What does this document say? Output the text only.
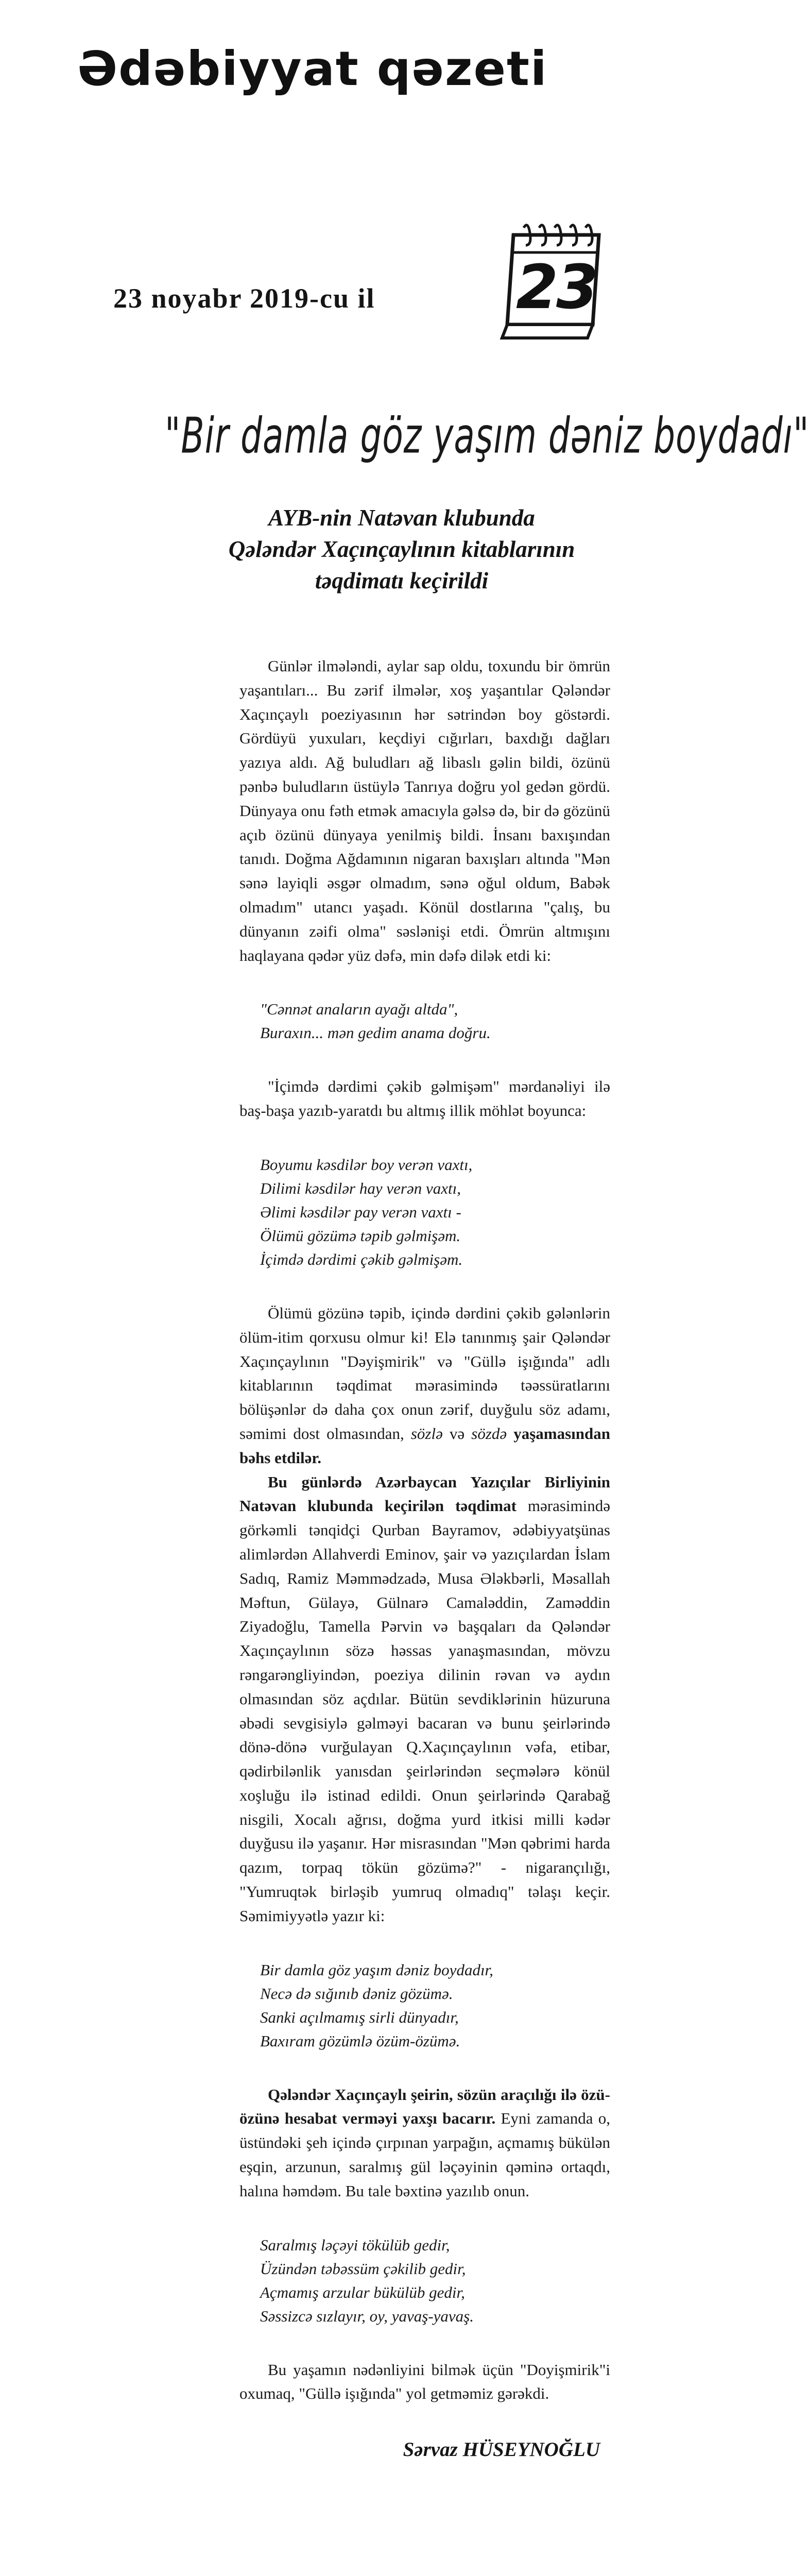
Ədəbiyyat qəzeti
23 noyabr 2019-cu il	23
"Bir damla göz yaşım dəniz boydadı"
AYB-nin Natəvan klubunda
Qələndər Xaçınçaylının kitablarının
təqdimatı keçirildi

Günlər ilmələndi, aylar sap oldu, toxundu bir ömrün yaşantıları... Bu zərif ilmələr, xoş yaşantılar Qələndər Xaçınçaylı poeziyasının hər sətrindən boy göstərdi. Gördüyü yuxuları, keçdiyi cığırları, baxdığı dağları yazıya aldı. Ağ buludları ağ libaslı gəlin bildi, özünü pənbə buludların üstüylə Tanrıya doğru yol gedən gördü. Dünyaya onu fəth etmək amacıyla gəlsə də, bir də gözünü açıb özünü dünyaya yenilmiş bildi. İnsanı baxışından tanıdı. Doğma Ağdamının nigaran baxışları altında "Mən sənə layiqli əsgər olmadım, sənə oğul oldum, Babək olmadım" utancı yaşadı. Könül dostlarına "çalış, bu dünyanın zəifi olma" səslənişi etdi. Ömrün altmışını haqlayana qədər yüz dəfə, min dəfə dilək etdi ki:

"Cənnət anaların ayağı altda",
Buraxın... mən gedim anama doğru.

"İçimdə dərdimi çəkib gəlmişəm" mərdanəliyi ilə baş-başa yazıb-yaratdı bu altmış illik möhlət boyunca:

Boyumu kəsdilər boy verən vaxtı,
Dilimi kəsdilər hay verən vaxtı,
Əlimi kəsdilər pay verən vaxtı -
Ölümü gözümə təpib gəlmişəm.
İçimdə dərdimi çəkib gəlmişəm.

Ölümü gözünə təpib, içində dərdini çəkib gələnlərin ölüm-itim qorxusu olmur ki! Elə tanınmış şair Qələndər Xaçınçaylının "Dəyişmirik" və "Güllə işığında" adlı kitablarının təqdimat mərasimində təəssüratlarını bölüşənlər də daha çox onun zərif, duyğulu söz adamı, səmimi dost olmasından, sözlə və sözdə yaşamasından bəhs etdilər.

Bu günlərdə Azərbaycan Yazıçılar Birliyinin Natəvan klubunda keçirilən təqdimat mərasimində görkəmli tənqidçi Qurban Bayramov, ədəbiyyatşünas alimlərdən Allahverdi Eminov, şair və yazıçılardan İslam Sadıq, Ramiz Məmmədzadə, Musa Ələkbərli, Məsallah Məftun, Gülayə, Gülnarə Camaləddin, Zaməddin Ziyadoğlu, Tamella Pərvin və başqaları da Qələndər Xaçınçaylının sözə həssas yanaşmasından, mövzu rəngarəngliyindən, poeziya dilinin rəvan və aydın olmasından söz açdılar. Bütün sevdiklərinin hüzuruna əbədi sevgisiylə gəlməyi bacaran və bunu şeirlərində dönə-dönə vurğulayan Q.Xaçınçaylının vəfa, etibar, qədirbilənlik yanısdan şeirlərindən seçmələrə könül xoşluğu ilə istinad edildi. Onun şeirlərində Qarabağ nisgili, Xocalı ağrısı, doğma yurd itkisi milli kədər duyğusu ilə yaşanır. Hər misrasından "Mən qəbrimi harda qazım, torpaq tökün gözümə?" - nigarançılığı, "Yumruqtək birləşib yumruq olmadıq" təlaşı keçir. Səmimiyyətlə yazır ki:

Bir damla göz yaşım dəniz boydadır,
Necə də sığınıb dəniz gözümə.
Sanki açılmamış sirli dünyadır,
Baxıram gözümlə özüm-özümə.

Qələndər Xaçınçaylı şeirin, sözün araçılığı ilə özü-özünə hesabat verməyi yaxşı bacarır. Eyni zamanda o, üstündəki şeh içində çırpınan yarpağın, açmamış bükülən eşqin, arzunun, saralmış gül ləçəyinin qəminə ortaqdı, halına həmdəm. Bu tale bəxtinə yazılıb onun.

Saralmış ləçəyi tökülüb gedir,
Üzündən təbəssüm çəkilib gedir,
Açmamış arzular bükülüb gedir,
Səssizcə sızlayır, oy, yavaş-yavaş.

Bu yaşamın nədənliyini bilmək üçün "Doyişmirik"i oxumaq, "Güllə işığında" yol getməmiz gərəkdi.

Sərvaz HÜSEYNOĞLU
